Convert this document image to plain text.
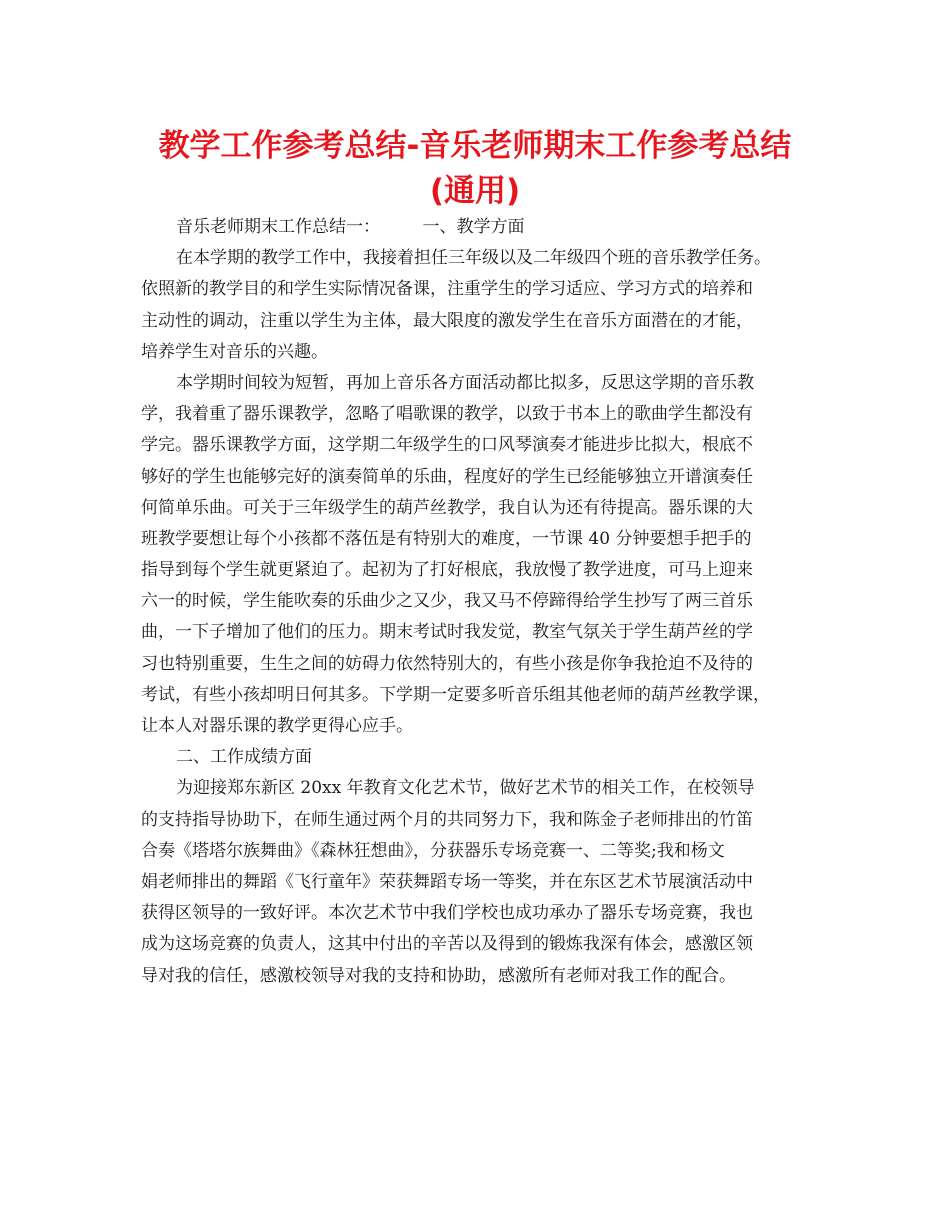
教学工作参考总结-音乐老师期末工作参考总结
(通用)
音乐老师期末工作总结一：　　　一、教学方面
在本学期的教学工作中，我接着担任三年级以及二年级四个班的音乐教学任务。
依照新的教学目的和学生实际情况备课，注重学生的学习适应、学习方式的培养和
主动性的调动，注重以学生为主体，最大限度的激发学生在音乐方面潜在的才能，
培养学生对音乐的兴趣。
本学期时间较为短暂，再加上音乐各方面活动都比拟多，反思这学期的音乐教
学，我着重了器乐课教学，忽略了唱歌课的教学，以致于书本上的歌曲学生都没有
学完。器乐课教学方面，这学期二年级学生的口风琴演奏才能进步比拟大，根底不
够好的学生也能够完好的演奏简单的乐曲，程度好的学生已经能够独立开谱演奏任
何简单乐曲。可关于三年级学生的葫芦丝教学，我自认为还有待提高。器乐课的大
班教学要想让每个小孩都不落伍是有特别大的难度，一节课 40 分钟要想手把手的
指导到每个学生就更紧迫了。起初为了打好根底，我放慢了教学进度，可马上迎来
六一的时候，学生能吹奏的乐曲少之又少，我又马不停蹄得给学生抄写了两三首乐
曲，一下子增加了他们的压力。期末考试时我发觉，教室气氛关于学生葫芦丝的学
习也特别重要，生生之间的妨碍力依然特别大的，有些小孩是你争我抢迫不及待的
考试，有些小孩却明日何其多。下学期一定要多听音乐组其他老师的葫芦丝教学课，
让本人对器乐课的教学更得心应手。
二、工作成绩方面
为迎接郑东新区 20xx 年教育文化艺术节，做好艺术节的相关工作，在校领导
的支持指导协助下，在师生通过两个月的共同努力下，我和陈金子老师排出的竹笛
合奏《塔塔尔族舞曲》《森林狂想曲》，分获器乐专场竞赛一、二等奖;我和杨文
娟老师排出的舞蹈《飞行童年》荣获舞蹈专场一等奖，并在东区艺术节展演活动中
获得区领导的一致好评。本次艺术节中我们学校也成功承办了器乐专场竞赛，我也
成为这场竞赛的负责人，这其中付出的辛苦以及得到的锻炼我深有体会，感激区领
导对我的信任，感激校领导对我的支持和协助，感激所有老师对我工作的配合。
